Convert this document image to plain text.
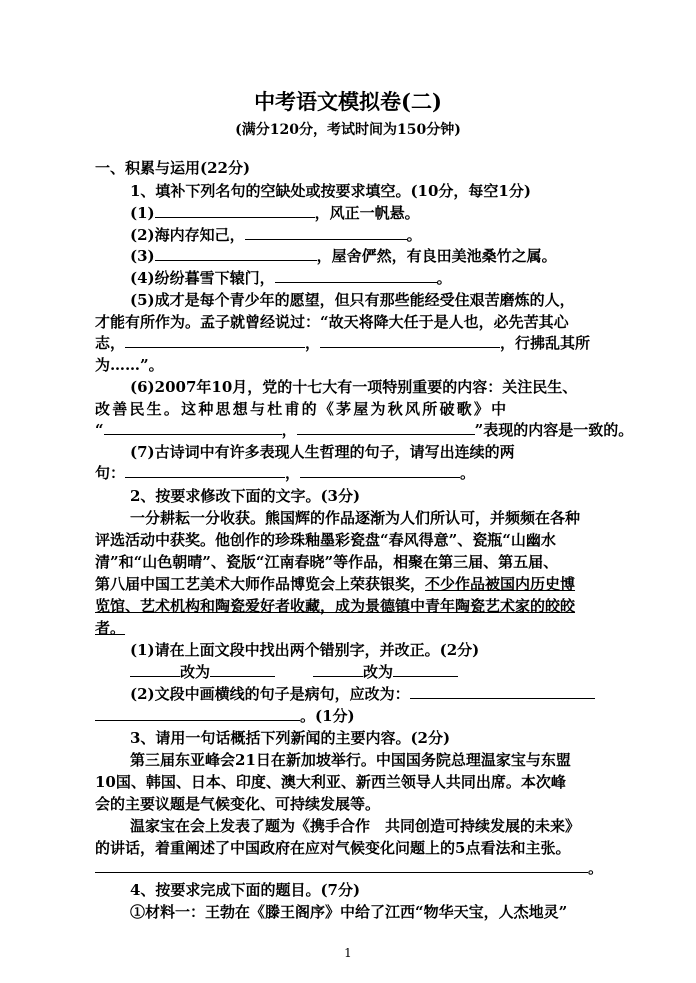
中考语文模拟卷(二)
(满分120分，考试时间为150分钟)
一、积累与运用(22分)
1、填补下列名句的空缺处或按要求填空。(10分，每空1分)
(1)	，风正一帆悬。
(2)海内存知己，	。
(3)	，屋舍俨然，有良田美池桑竹之属。
(4)纷纷暮雪下辕门，	。
(5)成才是每个青少年的愿望，但只有那些能经受住艰苦磨炼的人，
才能有所作为。孟子就曾经说过：“故天将降大任于是人也，必先苦其心
志，	，	，行拂乱其所
为……”。
(6)2007年10月，党的十七大有一项特别重要的内容：关注民生、
改 善 民 生 。 这 种 思 想 与 杜 甫 的 《 茅 屋 为 秋 风 所 破 歌 》 中
“	，	”表现的内容是一致的。
(7)古诗词中有许多表现人生哲理的句子，请写出连续的两
句：	，	。
2、按要求修改下面的文字。(3分)
一分耕耘一分收获。熊国辉的作品逐渐为人们所认可，并频频在各种
评选活动中获奖。他创作的珍珠釉墨彩瓷盘“春风得意”、瓷瓶“山幽水
清”和“山色朝晴”、瓷版“江南春晓”等作品，相聚在第三届、第五届、
第八届中国工艺美术大师作品博览会上荣获银奖，不少作品被国内历史博
览馆、艺术机构和陶瓷爱好者收藏，成为景德镇中青年陶瓷艺术家的皎皎
者。
(1)请在上面文段中找出两个错别字，并改正。(2分)
改为	改为
(2)文段中画横线的句子是病句，应改为：
。(1分)
3、请用一句话概括下列新闻的主要内容。(2分)
第三届东亚峰会21日在新加坡举行。中国国务院总理温家宝与东盟
10国、韩国、日本、印度、澳大利亚、新西兰领导人共同出席。本次峰
会的主要议题是气候变化、可持续发展等。
温家宝在会上发表了题为《携手合作　共同创造可持续发展的未来》
的讲话，着重阐述了中国政府在应对气候变化问题上的5点看法和主张。
。
4、按要求完成下面的题目。(7分)
①材料一：王勃在《滕王阁序》中给了江西“物华天宝，人杰地灵”
1
